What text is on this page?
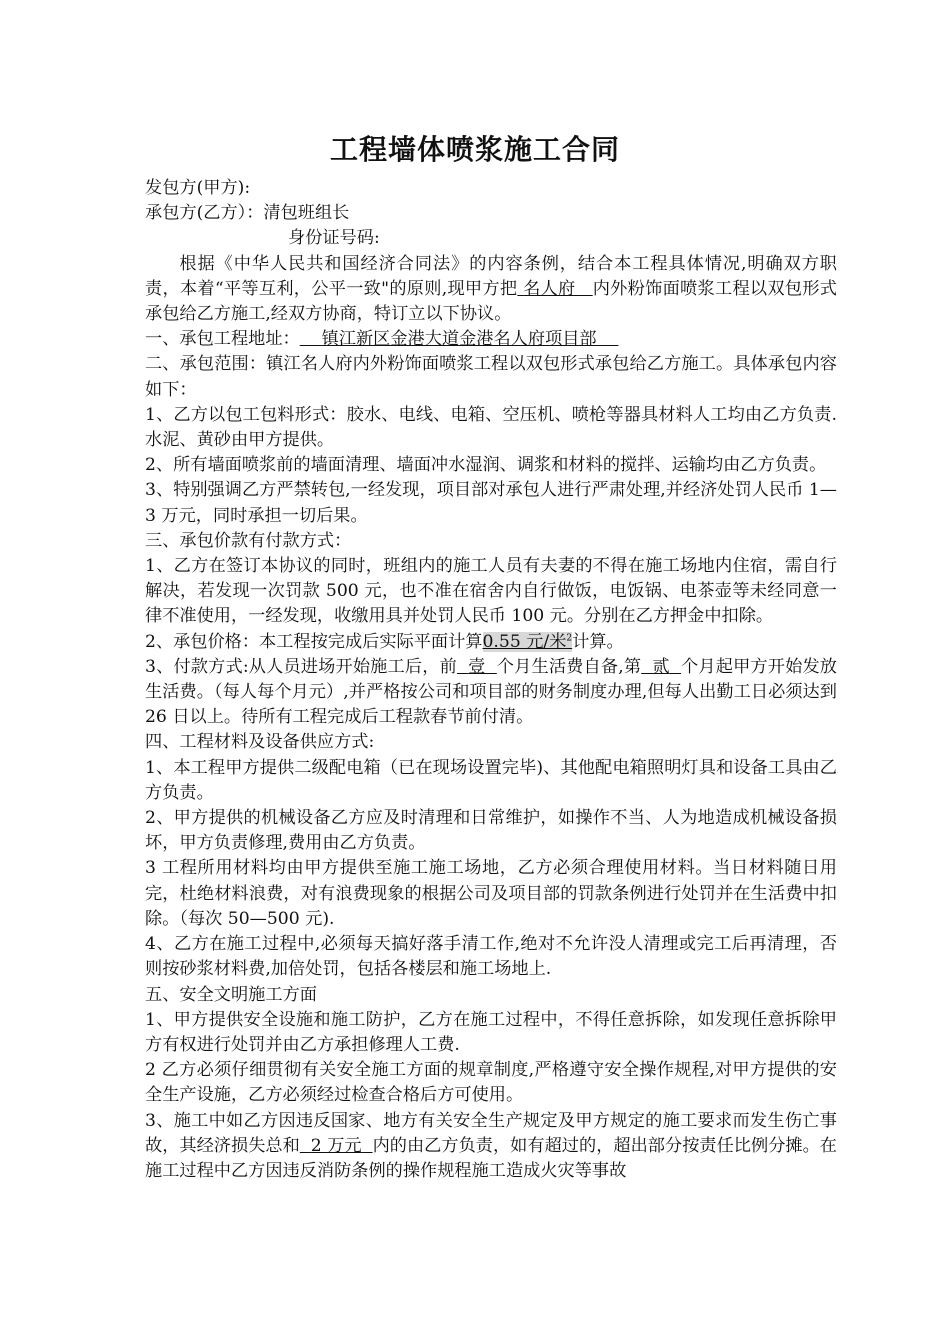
工程墙体喷浆施工合同

发包方(甲方):

承包方(乙方）：清包班组长

身份证号码:

根据《中华人民共和国经济合同法》的内容条例，结合本工程具体情况,明确双方职责，本着“平等互利，公平一致"的原则,现甲方把 名人府 内外粉饰面喷浆工程以双包形式承包给乙方施工,经双方协商，特订立以下协议。

一、承包工程地址： 镇江新区金港大道金港名人府项目部

二、承包范围：镇江名人府内外粉饰面喷浆工程以双包形式承包给乙方施工。具体承包内容如下：

1、乙方以包工包料形式：胶水、电线、电箱、空压机、喷枪等器具材料人工均由乙方负责.水泥、黄砂由甲方提供。

2、所有墙面喷浆前的墙面清理、墙面冲水湿润、调浆和材料的搅拌、运输均由乙方负责。

3、特别强调乙方严禁转包,一经发现，项目部对承包人进行严肃处理,并经济处罚人民币 1—3 万元，同时承担一切后果。

三、承包价款有付款方式：

1、乙方在签订本协议的同时，班组内的施工人员有夫妻的不得在施工场地内住宿，需自行解决，若发现一次罚款 500 元，也不准在宿舍内自行做饭，电饭锅、电茶壶等未经同意一律不准使用，一经发现，收缴用具并处罚人民币 100 元。分别在乙方押金中扣除。

2、承包价格：本工程按完成后实际平面计算0.55 元/米$^2$计算。

3、付款方式:从人员进场开始施工后，前 壹 个月生活费自备,第 贰 个月起甲方开始发放生活费。（每人每个月元）,并严格按公司和项目部的财务制度办理,但每人出勤工日必须达到 26 日以上。待所有工程完成后工程款春节前付清。

四、工程材料及设备供应方式:

1、本工程甲方提供二级配电箱（已在现场设置完毕)、其他配电箱照明灯具和设备工具由乙方负责。

2、甲方提供的机械设备乙方应及时清理和日常维护，如操作不当、人为地造成机械设备损坏，甲方负责修理,费用由乙方负责。

3 工程所用材料均由甲方提供至施工施工场地，乙方必须合理使用材料。当日材料随日用完，杜绝材料浪费，对有浪费现象的根据公司及项目部的罚款条例进行处罚并在生活费中扣除。（每次 50—500 元).

4、乙方在施工过程中,必须每天搞好落手清工作,绝对不允许没人清理或完工后再清理，否则按砂浆材料费,加倍处罚，包括各楼层和施工场地上.

五、安全文明施工方面

1、甲方提供安全设施和施工防护，乙方在施工过程中，不得任意拆除，如发现任意拆除甲方有权进行处罚并由乙方承担修理人工费.

2 乙方必须仔细贯彻有关安全施工方面的规章制度,严格遵守安全操作规程,对甲方提供的安全生产设施，乙方必须经过检查合格后方可使用。

3、施工中如乙方因违反国家、地方有关安全生产规定及甲方规定的施工要求而发生伤亡事故，其经济损失总和 2 万元 内的由乙方负责，如有超过的，超出部分按责任比例分摊。在施工过程中乙方因违反消防条例的操作规程施工造成火灾等事故
